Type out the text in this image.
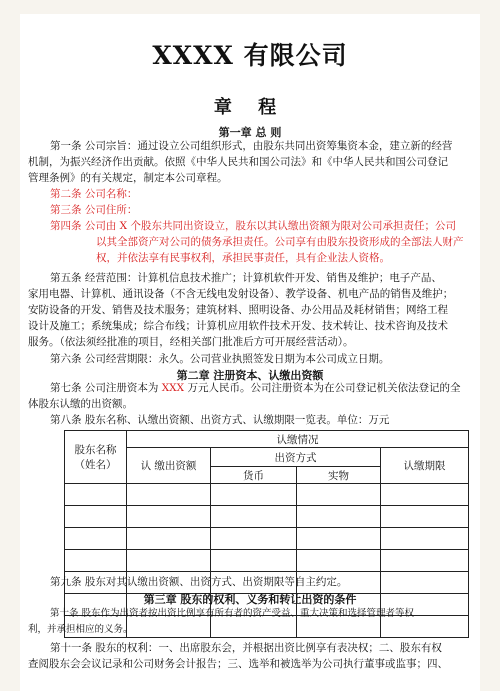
XXXX 有限公司
章 程
第一章 总 则
第一条 公司宗旨：通过设立公司组织形式，由股东共同出资筹集资本金，建立新的经营
机制，为振兴经济作出贡献。依照《中华人民共和国公司法》和《中华人民共和国公司登记
管理条例》的有关规定，制定本公司章程。
第二条 公司名称：
第三条 公司住所：
第四条 公司由 X 个股东共同出资设立，股东以其认缴出资额为限对公司承担责任；公司
以其全部资产对公司的债务承担责任。公司享有由股东投资形成的全部法人财产
权，并依法享有民事权利，承担民事责任，具有企业法人资格。
第五条 经营范围：计算机信息技术推广；计算机软件开发、销售及维护；电子产品、
家用电器、计算机、通讯设备（不含无线电发射设备）、教学设备、机电产品的销售及维护；
安防设备的开发、销售及技术服务；建筑材料、照明设备、办公用品及耗材销售；网络工程
设计及施工；系统集成；综合布线；计算机应用软件技术开发、技术转让、技术咨询及技术
服务。（依法须经批准的项目，经相关部门批准后方可开展经营活动）。
第六条 公司经营期限：永久。公司营业执照签发日期为本公司成立日期。
第二章 注册资本、认缴出资额
第七条 公司注册资本为 XXX 万元人民币。公司注册资本为在公司登记机关依法登记的全
体股东认缴的出资额。
第八条 股东名称、认缴出资额、出资方式、认缴期限一览表。单位：万元
股东名称（姓名）	认缴情况			
	认 缴出资额	出资方式		认缴期限
		货币	实物	

第九条 股东对其认缴出资额、出资方式、出资期限等自主约定。
第三章 股东的权利、义务和转让出资的条件
第十条 股东作为出资者按出资比例享有所有者的资产受益、重大决策和选择管理者等权
利，并承担相应的义务。
第十一条 股东的权利：一、出席股东会，并根据出资比例享有表决权；二、股东有权
查阅股东会会议记录和公司财务会计报告；三、选举和被选举为公司执行董事或监事；四、
